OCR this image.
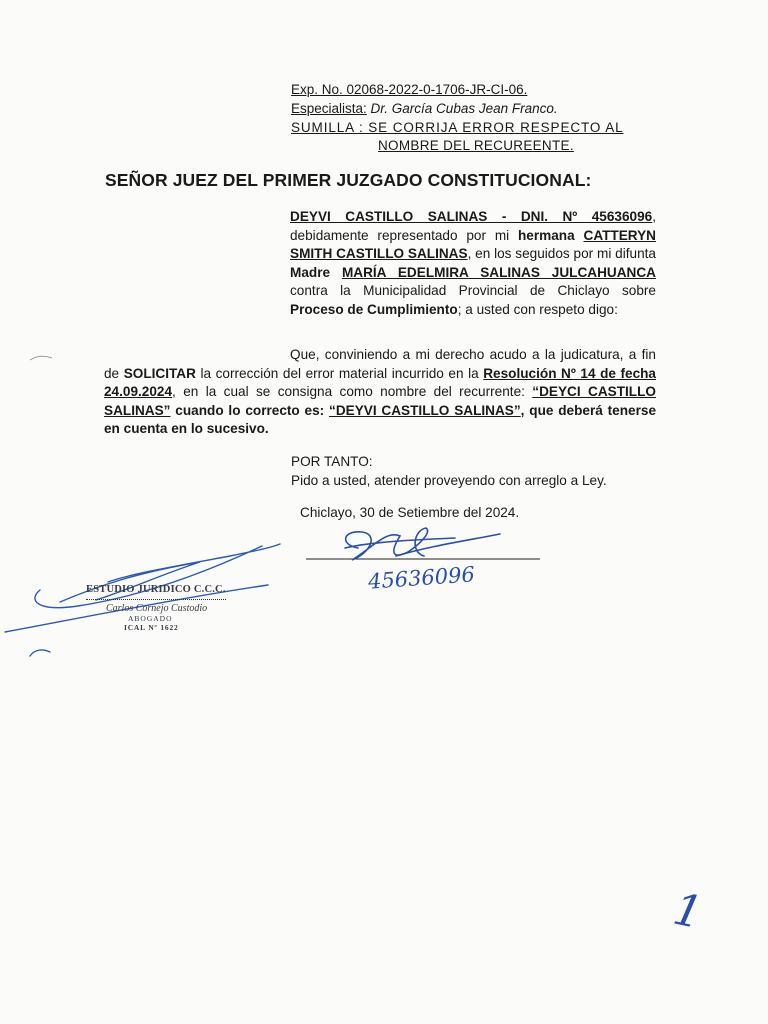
Exp. No. 02068-2022-0-1706-JR-CI-06.
Especialista: Dr. García Cubas Jean Franco.
SUMILLA : SE CORRIJA ERROR RESPECTO AL
NOMBRE DEL RECUREENTE.
SEÑOR JUEZ DEL PRIMER JUZGADO CONSTITUCIONAL:
DEYVI CASTILLO SALINAS - DNI. Nº 45636096, debidamente representado por mi hermana CATTERYN SMITH CASTILLO SALINAS, en los seguidos por mi difunta Madre MARÍA EDELMIRA SALINAS JULCAHUANCA contra la Municipalidad Provincial de Chiclayo sobre Proceso de Cumplimiento; a usted con respeto digo:
Que, conviniendo a mi derecho acudo a la judicatura, a fin de SOLICITAR la corrección del error material incurrido en la Resolución Nº 14 de fecha 24.09.2024, en la cual se consigna como nombre del recurrente: “DEYCI CASTILLO SALINAS” cuando lo correcto es: “DEYVI CASTILLO SALINAS”, que deberá tenerse en cuenta en lo sucesivo.
POR TANTO:
Pido a usted, atender proveyendo con arreglo a Ley.
Chiclayo, 30 de Setiembre del 2024.
ESTUDIO JURIDICO C.C.C.
Carlos Cornejo Custodio
ABOGADO
ICAL Nº 1622
45636096
1
